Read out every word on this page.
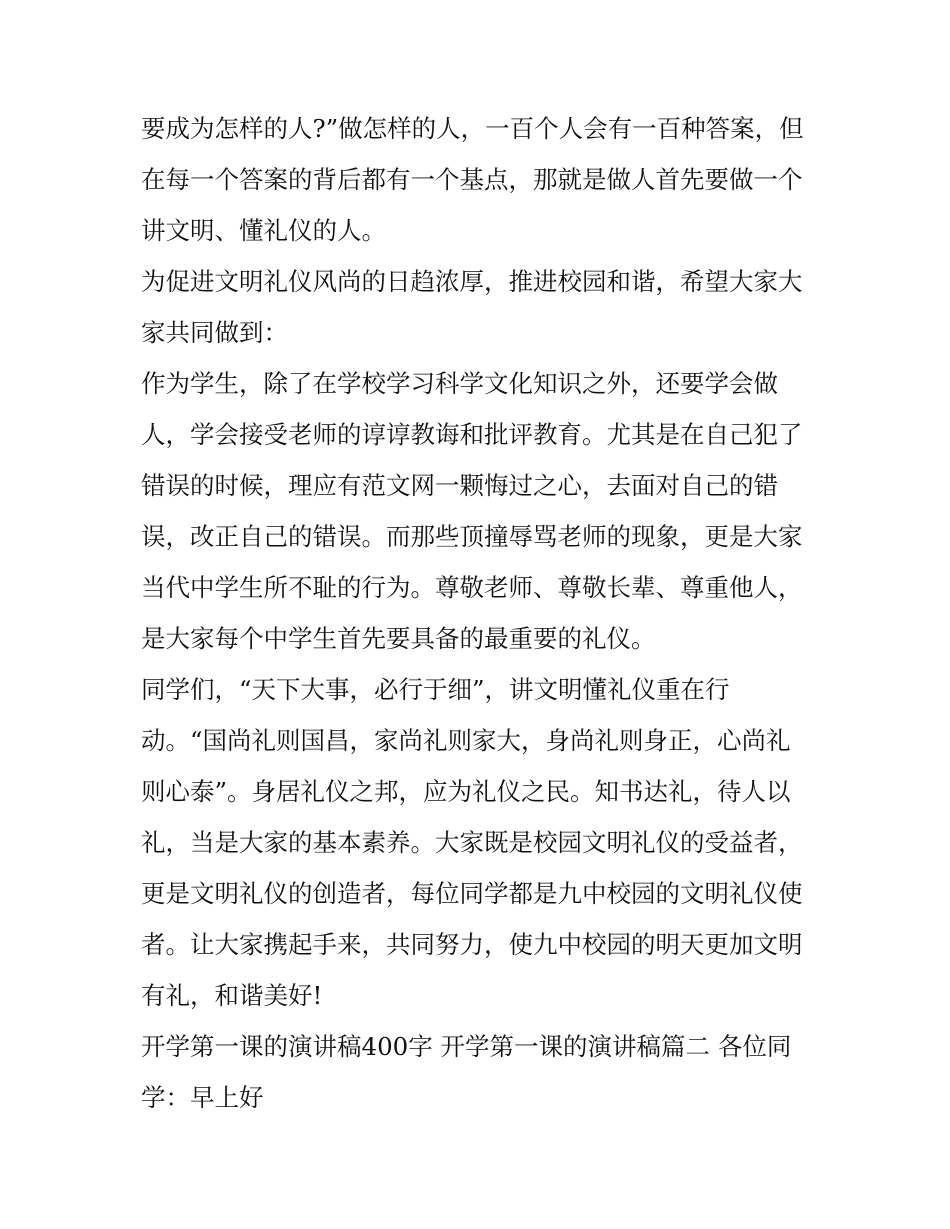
要成为怎样的人?”做怎样的人，一百个人会有一百种答案，但
在每一个答案的背后都有一个基点，那就是做人首先要做一个
讲文明、懂礼仪的人。
为促进文明礼仪风尚的日趋浓厚，推进校园和谐，希望大家大
家共同做到：
作为学生，除了在学校学习科学文化知识之外，还要学会做
人，学会接受老师的谆谆教诲和批评教育。尤其是在自己犯了
错误的时候，理应有范文网一颗悔过之心，去面对自己的错
误，改正自己的错误。而那些顶撞辱骂老师的现象，更是大家
当代中学生所不耻的行为。尊敬老师、尊敬长辈、尊重他人，
是大家每个中学生首先要具备的最重要的礼仪。
同学们，“天下大事，必行于细”，讲文明懂礼仪重在行
动。“国尚礼则国昌，家尚礼则家大，身尚礼则身正，心尚礼
则心泰”。身居礼仪之邦，应为礼仪之民。知书达礼，待人以
礼，当是大家的基本素养。大家既是校园文明礼仪的受益者，
更是文明礼仪的创造者，每位同学都是九中校园的文明礼仪使
者。让大家携起手来，共同努力，使九中校园的明天更加文明
有礼，和谐美好!
开学第一课的演讲稿400字 开学第一课的演讲稿篇二 各位同
学：早上好
